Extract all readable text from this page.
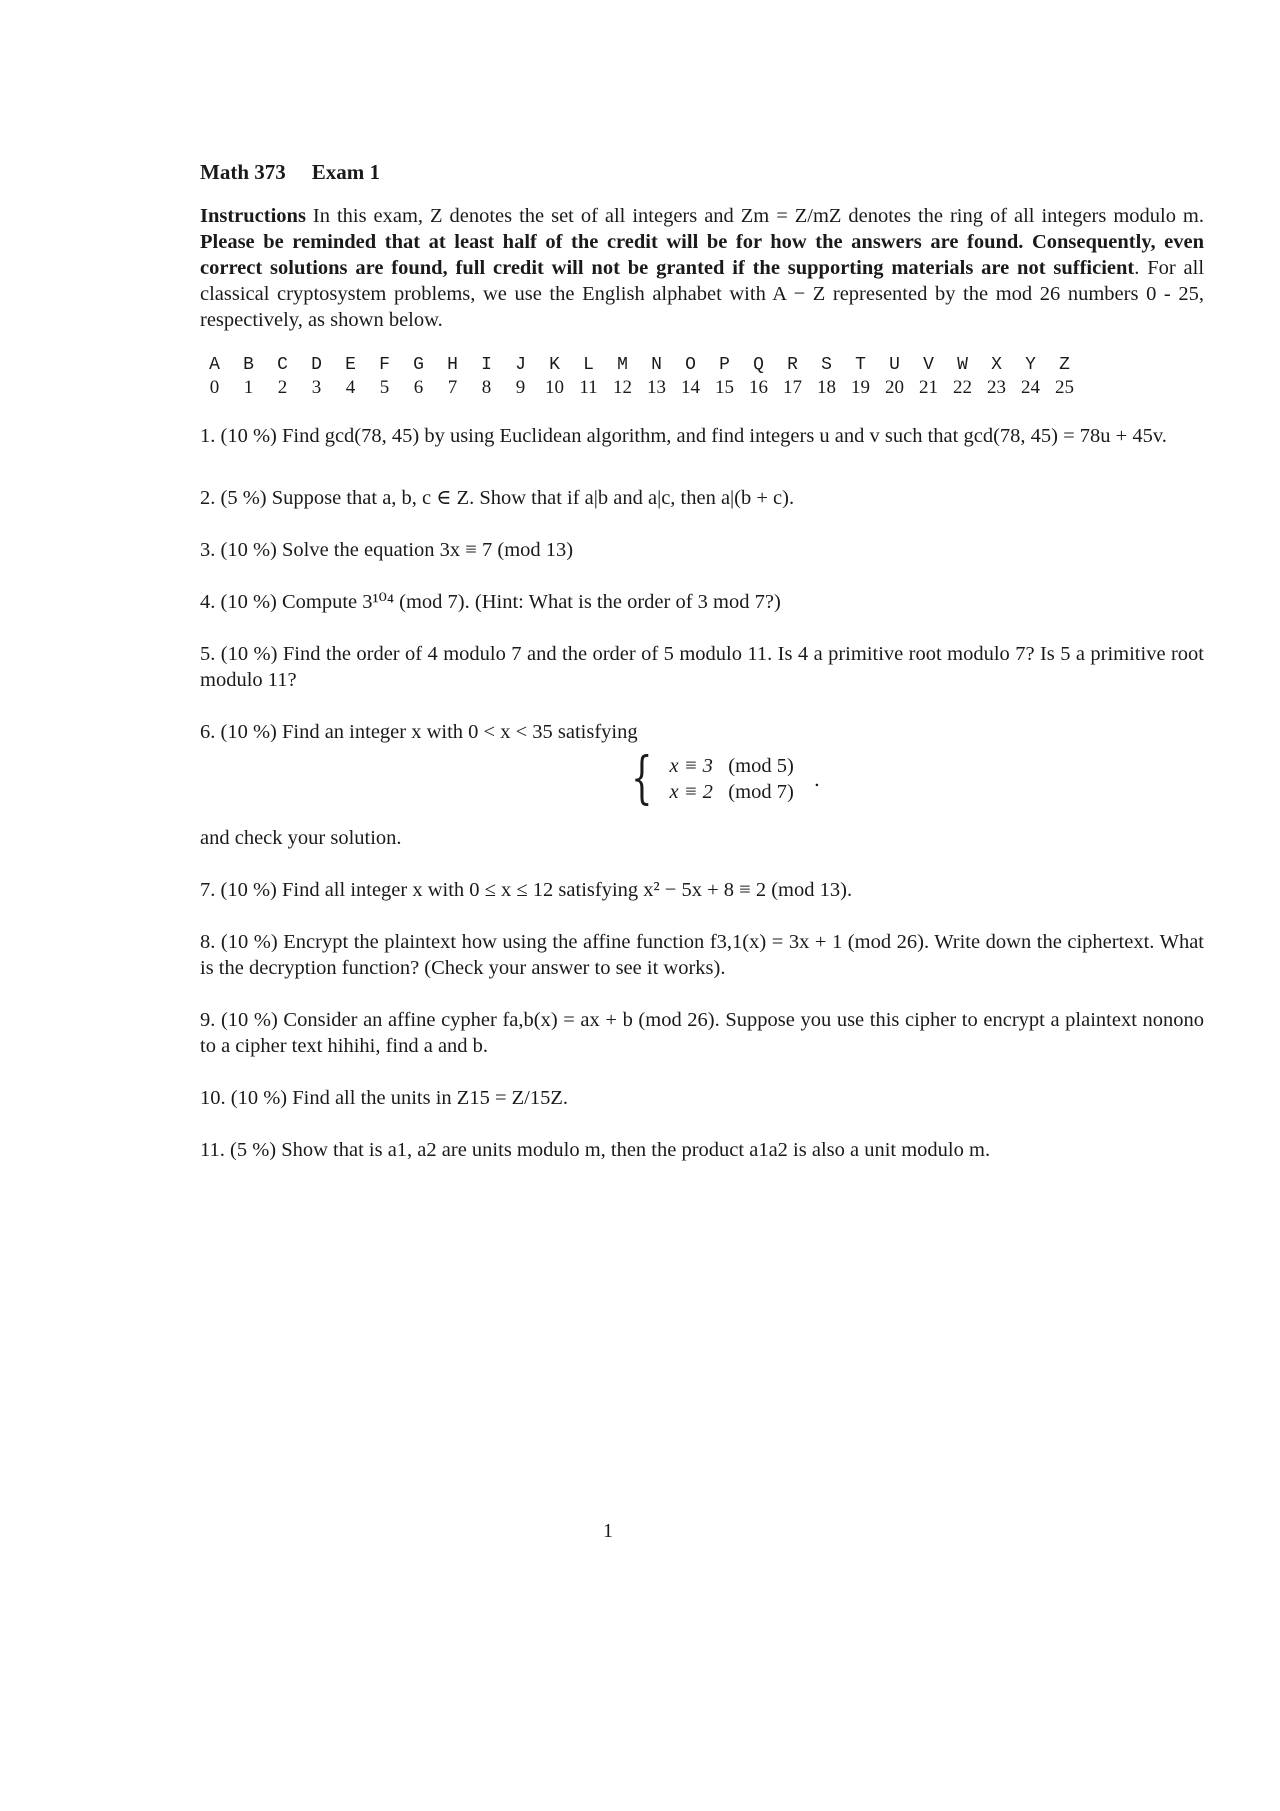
Math 373 Exam 1

Instructions In this exam, Z denotes the set of all integers and Zm = Z/mZ denotes the ring of all integers modulo m. Please be reminded that at least half of the credit will be for how the answers are found. Consequently, even correct solutions are found, full credit will not be granted if the supporting materials are not sufficient. For all classical cryptosystem problems, we use the English alphabet with A − Z represented by the mod 26 numbers 0 - 25, respectively, as shown below.

A	B	C	D	E	F	G	H	I	J	K	L	M	N	O	P	Q	R	S	T	U	V	W	X	Y	Z
0	1	2	3	4	5	6	7	8	9	10	11	12	13	14	15	16	17	18	19	20	21	22	23	24	25
1. (10 %) Find gcd(78, 45) by using Euclidean algorithm, and find integers u and v such that gcd(78, 45) = 78u + 45v.
2. (5 %) Suppose that a, b, c ∈ Z. Show that if a|b and a|c, then a|(b + c).
3. (10 %) Solve the equation 3x ≡ 7 (mod 13)
4. (10 %) Compute 3¹⁰⁴ (mod 7). (Hint: What is the order of 3 mod 7?)
5. (10 %) Find the order of 4 modulo 7 and the order of 5 modulo 11. Is 4 a primitive root modulo 7? Is 5 a primitive root modulo 11?
6. (10 %) Find an integer x with 0 < x < 35 satisfying
{ x ≡ 3 (mod 5)
x ≡ 2 (mod 7)
.
and check your solution.
7. (10 %) Find all integer x with 0 ≤ x ≤ 12 satisfying x² − 5x + 8 ≡ 2 (mod 13).
8. (10 %) Encrypt the plaintext how using the affine function f3,1(x) = 3x + 1 (mod 26). Write down the ciphertext. What is the decryption function? (Check your answer to see it works).
9. (10 %) Consider an affine cypher fa,b(x) = ax + b (mod 26). Suppose you use this cipher to encrypt a plaintext nonono to a cipher text hihihi, find a and b.
10. (10 %) Find all the units in Z15 = Z/15Z.
11. (5 %) Show that is a1, a2 are units modulo m, then the product a1a2 is also a unit modulo m.
1
